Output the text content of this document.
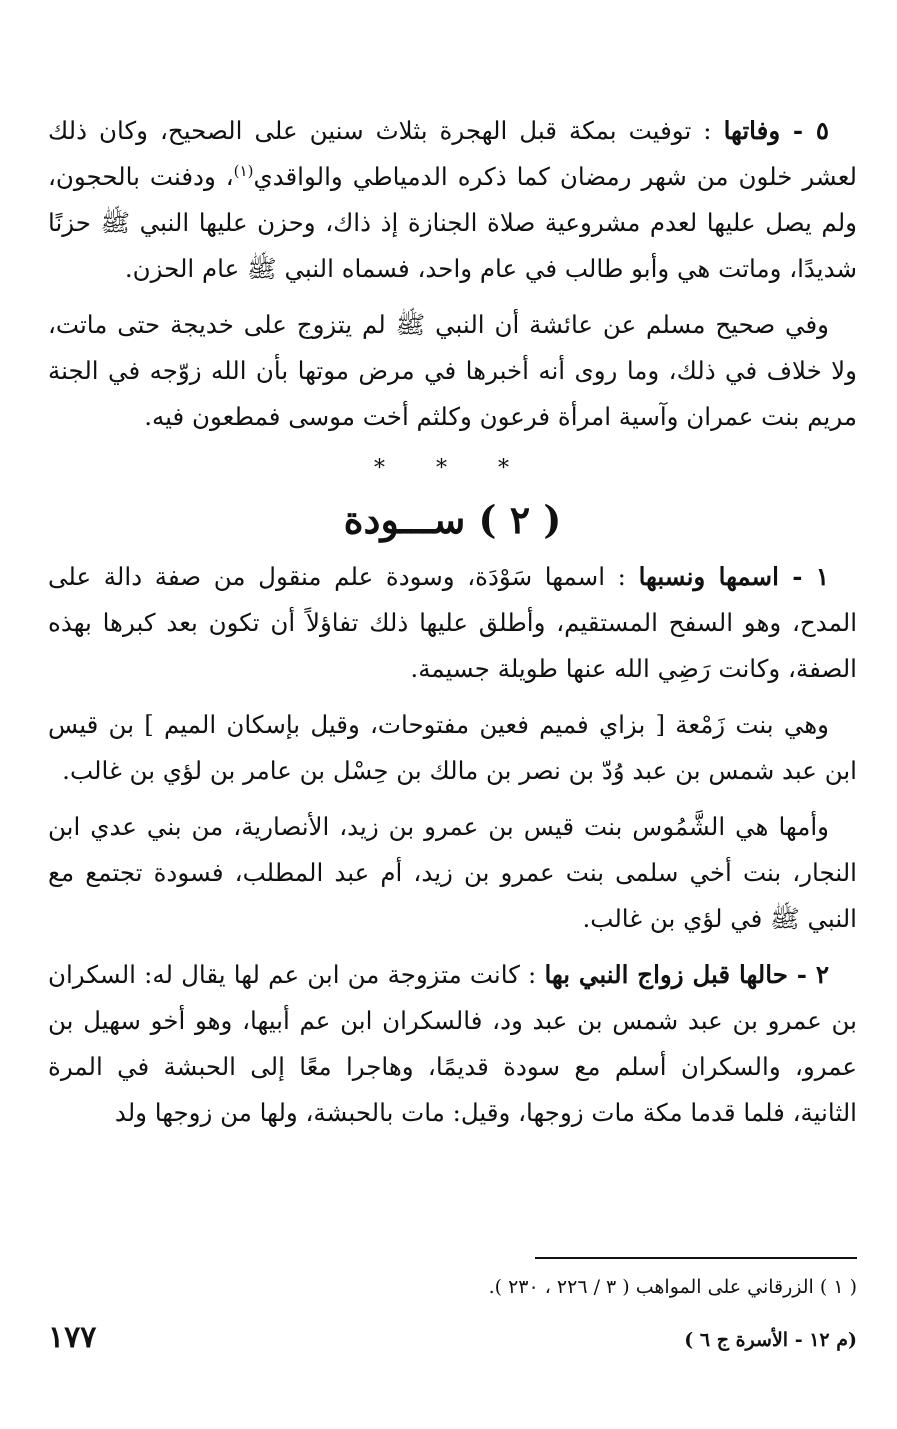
٥ - وفاتها : توفيت بمكة قبل الهجرة بثلاث سنين على الصحيح، وكان ذلك لعشر خلون من شهر رمضان كما ذكره الدمياطي والواقدي$^{(١)}$، ودفنت بالحجون، ولم يصل عليها لعدم مشروعية صلاة الجنازة إذ ذاك، وحزن عليها النبي ﷺ حزنًا شديدًا، وماتت هي وأبو طالب في عام واحد، فسماه النبي ﷺ عام الحزن.

وفي صحيح مسلم عن عائشة أن النبي ﷺ لم يتزوج على خديجة حتى ماتت، ولا خلاف في ذلك، وما روى أنه أخبرها في مرض موتها بأن الله زوّجه في الجنة مريم بنت عمران وآسية امرأة فرعون وكلثم أخت موسى فمطعون فيه.

* * *
( ٢ ) ســـودة

١ - اسمها ونسبها : اسمها سَوْدَة، وسودة علم منقول من صفة دالة على المدح، وهو السفح المستقيم، وأطلق عليها ذلك تفاؤلاً أن تكون بعد كبرها بهذه الصفة، وكانت رَضِي الله عنها طويلة جسيمة.

وهي بنت زَمْعة [ بزاي فميم فعين مفتوحات، وقيل بإسكان الميم ] بن قيس ابن عبد شمس بن عبد وُدّ بن نصر بن مالك بن حِسْل بن عامر بن لؤي بن غالب.

وأمها هي الشَّمُوس بنت قيس بن عمرو بن زيد، الأنصارية، من بني عدي ابن النجار، بنت أخي سلمى بنت عمرو بن زيد، أم عبد المطلب، فسودة تجتمع مع النبي ﷺ في لؤي بن غالب.

٢ - حالها قبل زواج النبي بها : كانت متزوجة من ابن عم لها يقال له: السكران بن عمرو بن عبد شمس بن عبد ود، فالسكران ابن عم أبيها، وهو أخو سهيل بن عمرو، والسكران أسلم مع سودة قديمًا، وهاجرا معًا إلى الحبشة في المرة الثانية، فلما قدما مكة مات زوجها، وقيل: مات بالحبشة، ولها من زوجها ولد

( ١ ) الزرقاني على المواهب ( ٣ / ٢٢٦ ، ٢٣٠ ).
(م ١٢ - الأسرة ج ٦ )
١٧٧
